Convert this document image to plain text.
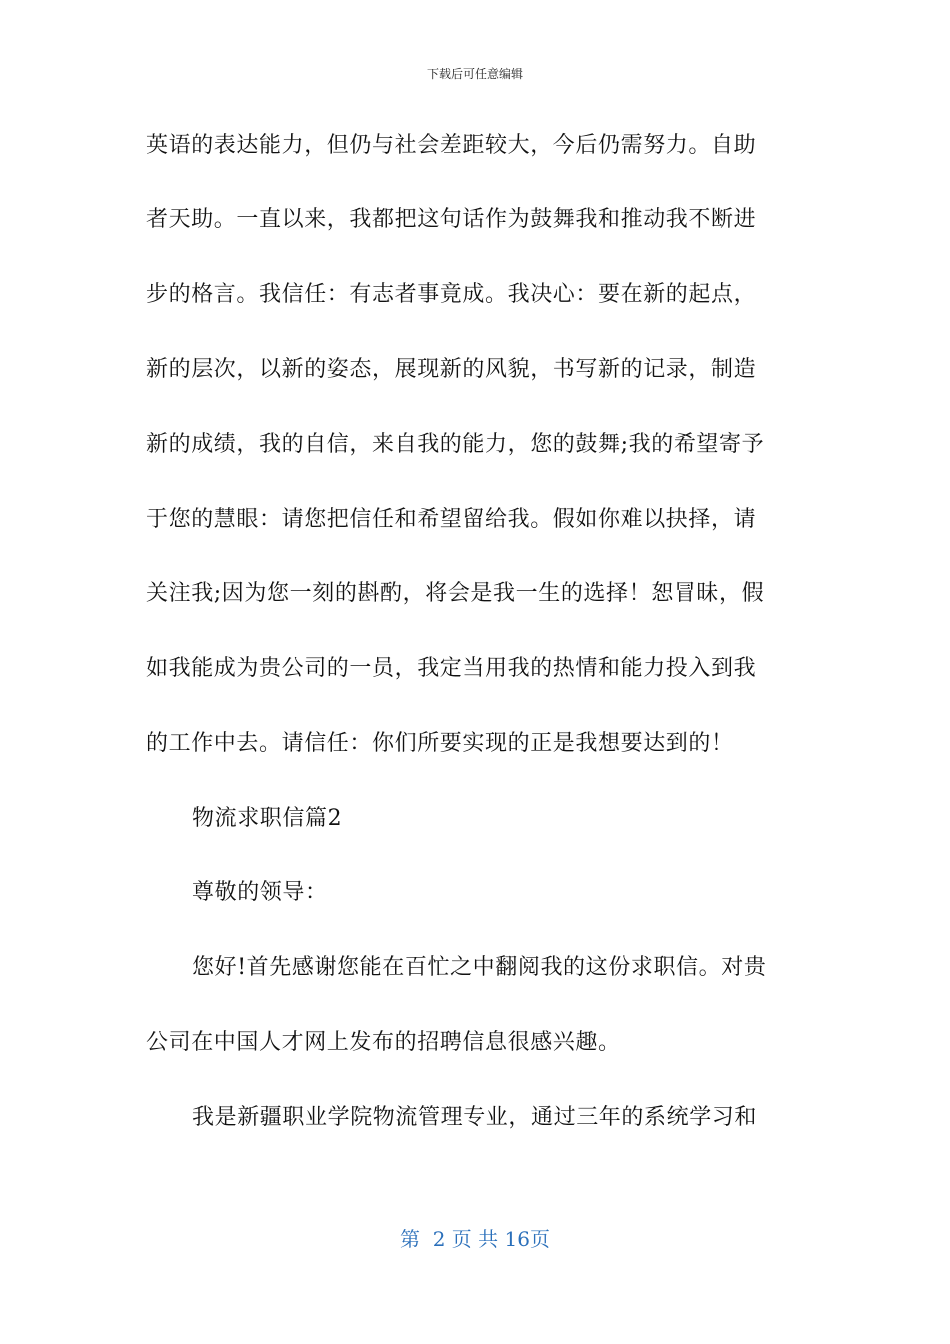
下载后可任意编辑
英语的表达能力，但仍与社会差距较大，今后仍需努力。自助
者天助。一直以来，我都把这句话作为鼓舞我和推动我不断进
步的格言。我信任：有志者事竟成。我决心：要在新的起点，
新的层次，以新的姿态，展现新的风貌，书写新的记录，制造
新的成绩，我的自信，来自我的能力，您的鼓舞;我的希望寄予
于您的慧眼：请您把信任和希望留给我。假如你难以抉择，请
关注我;因为您一刻的斟酌，将会是我一生的选择！恕冒昧，假
如我能成为贵公司的一员，我定当用我的热情和能力投入到我
的工作中去。请信任：你们所要实现的正是我想要达到的！
物流求职信篇2
尊敬的领导：
您好!首先感谢您能在百忙之中翻阅我的这份求职信。对贵
公司在中国人才网上发布的招聘信息很感兴趣。
我是新疆职业学院物流管理专业，通过三年的系统学习和
第  2 页 共 16页
